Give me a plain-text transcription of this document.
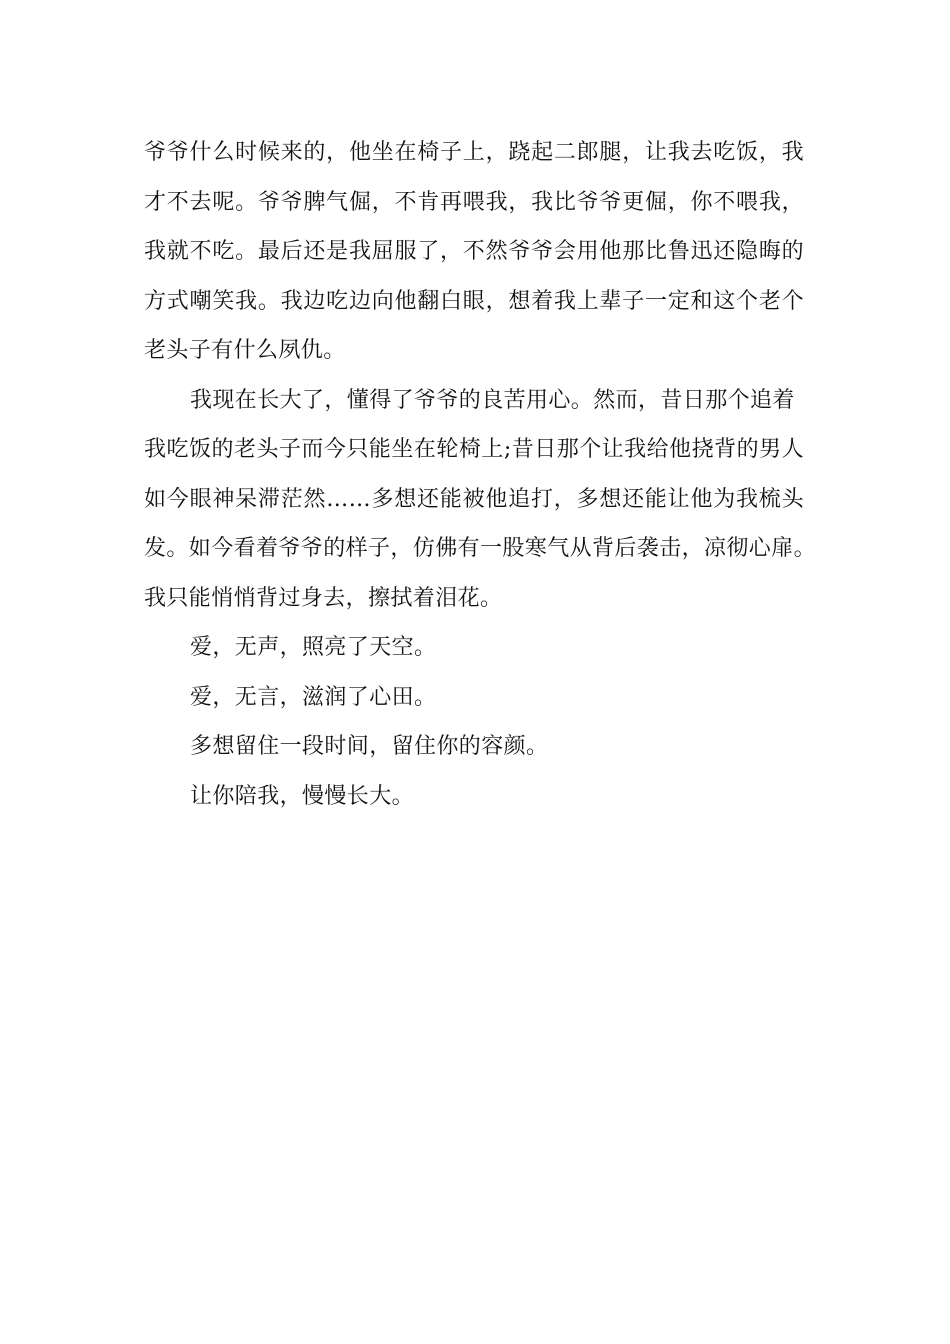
爷爷什么时候来的，他坐在椅子上，跷起二郎腿，让我去吃饭，我
才不去呢。爷爷脾气倔，不肯再喂我，我比爷爷更倔，你不喂我，
我就不吃。最后还是我屈服了，不然爷爷会用他那比鲁迅还隐晦的
方式嘲笑我。我边吃边向他翻白眼，想着我上辈子一定和这个老个
老头子有什么夙仇。
我现在长大了，懂得了爷爷的良苦用心。然而，昔日那个追着
我吃饭的老头子而今只能坐在轮椅上;昔日那个让我给他挠背的男人
如今眼神呆滞茫然……多想还能被他追打，多想还能让他为我梳头
发。如今看着爷爷的样子，仿佛有一股寒气从背后袭击，凉彻心扉。
我只能悄悄背过身去，擦拭着泪花。
爱，无声，照亮了天空。
爱，无言，滋润了心田。
多想留住一段时间，留住你的容颜。
让你陪我，慢慢长大。
